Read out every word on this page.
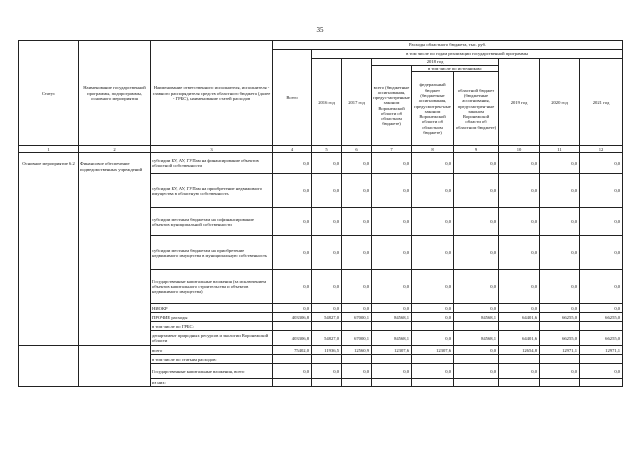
35
Статус	Наименование государственной программы, подпрограммы, основного мероприятия	Наименование ответственного исполнителя, исполнителя - главного распорядителя средств областного бюджета (далее - ГРБС), наименование статей расходов	Расходы областного бюджета, тыс. руб.								
			Всего	в том числе по годам реализации государственной программы							
				2016 год	2017 год	2018 год			2019 год	2020 год	2021 год
						всего (бюджетные ассигнования, предус-мотренные законом Воронежской области об областном бюджете)	в том числе по источникам:				
							федеральный бюджет (бюджетные ассигнования, предусмотрен-ные законом Воронежской области об областном бюджете)	областной бюджет (бюджетные ассигнования, предусмотрен-ные законом Воронежской области об областном бюджете)			
1	2	3	4	5	6	7	8	9	10	11	12
Основное мероприятие 6.2	Финансовое обеспечение подведомственных учреждений	субсидии БУ, АУ, ГУПам на финансирование объектов областной собственности	0,0	0,0	0,0	0,0	0,0	0,0	0,0	0,0	0,0
		субсидии БУ, АУ, ГУПам на приобретение недвижимого имущества в областную собственность	0,0	0,0	0,0	0,0	0,0	0,0	0,0	0,0	0,0
		субсидии местным бюджетам на софинансирование объектов муниципальной собственности	0,0	0,0	0,0	0,0	0,0	0,0	0,0	0,0	0,0
		субсидии местным бюджетам на приобретение недвижимого имущества в муниципальную собственность	0,0	0,0	0,0	0,0	0,0	0,0	0,0	0,0	0,0
		Государственные капитальные вложения (за исключением объектов капитального строительства и объектов недвижимого имущества)	0,0	0,0	0,0	0,0	0,0	0,0	0,0	0,0	0,0
		НИОКР	0,0	0,0	0,0	0,0	0,0	0,0	0,0	0,0	0,0
		ПРОЧИЕ расходы	403306,8	54827,0	67000,1	84568,1	0,0	84568,1	64401,6	66255,0	66255,0
		в том числе по ГРБС:									
		департамент природных ресурсов и экологии Воронежской области	403306,8	54827,0	67000,1	84568,1	0,0	84568,1	64401,6	66255,0	66255,0
		всего	75402,0	11936,5	12560,9	12307,6	12307,6	0,0	12654,8	12971,1	12971,1
		в том числе по статьям расходов:									
		Государственные капитальные вложения, всего	0,0	0,0	0,0	0,0	0,0	0,0	0,0	0,0	0,0
		из них:									
